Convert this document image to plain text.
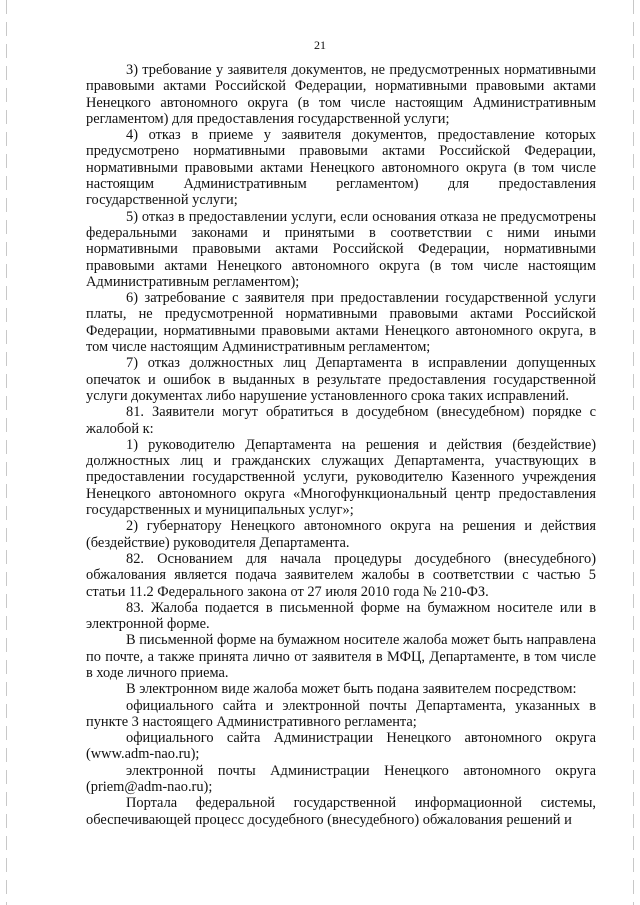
21

3) требование у заявителя документов, не предусмотренных нормативными правовыми актами Российской Федерации, нормативными правовыми актами Ненецкого автономного округа (в том числе настоящим Административным регламентом) для предоставления государственной услуги;

4) отказ в приеме у заявителя документов, предоставление которых предусмотрено нормативными правовыми актами Российской Федерации, нормативными правовыми актами Ненецкого автономного округа (в том числе настоящим Административным регламентом) для предоставления государственной услуги;

5) отказ в предоставлении услуги, если основания отказа не предусмотрены федеральными законами и принятыми в соответствии с ними иными нормативными правовыми актами Российской Федерации, нормативными правовыми актами Ненецкого автономного округа (в том числе настоящим Административным регламентом);

6) затребование с заявителя при предоставлении государственной услуги платы, не предусмотренной нормативными правовыми актами Российской Федерации, нормативными правовыми актами Ненецкого автономного округа, в том числе настоящим Административным регламентом;

7) отказ должностных лиц Департамента в исправлении допущенных опечаток и ошибок в выданных в результате предоставления государственной услуги документах либо нарушение установленного срока таких исправлений.

81. Заявители могут обратиться в досудебном (внесудебном) порядке с жалобой к:

1) руководителю Департамента на решения и действия (бездействие) должностных лиц и гражданских служащих Департамента, участвующих в предоставлении государственной услуги, руководителю Казенного учреждения Ненецкого автономного округа «Многофункциональный центр предоставления государственных и муниципальных услуг»;

2) губернатору Ненецкого автономного округа на решения и действия (бездействие) руководителя Департамента.

82. Основанием для начала процедуры досудебного (внесудебного) обжалования является подача заявителем жалобы в соответствии с частью 5 статьи 11.2 Федерального закона от 27 июля 2010 года № 210-ФЗ.

83. Жалоба подается в письменной форме на бумажном носителе или в электронной форме.

В письменной форме на бумажном носителе жалоба может быть направлена по почте, а также принята лично от заявителя в МФЦ, Департаменте, в том числе в ходе личного приема.

В электронном виде жалоба может быть подана заявителем посредством:

официального сайта и электронной почты Департамента, указанных в пункте 3 настоящего Административного регламента;

официального сайта Администрации Ненецкого автономного округа (www.adm-nao.ru);

электронной почты Администрации Ненецкого автономного округа (priem@adm-nao.ru);

Портала федеральной государственной информационной системы, обеспечивающей процесс досудебного (внесудебного) обжалования решений и
